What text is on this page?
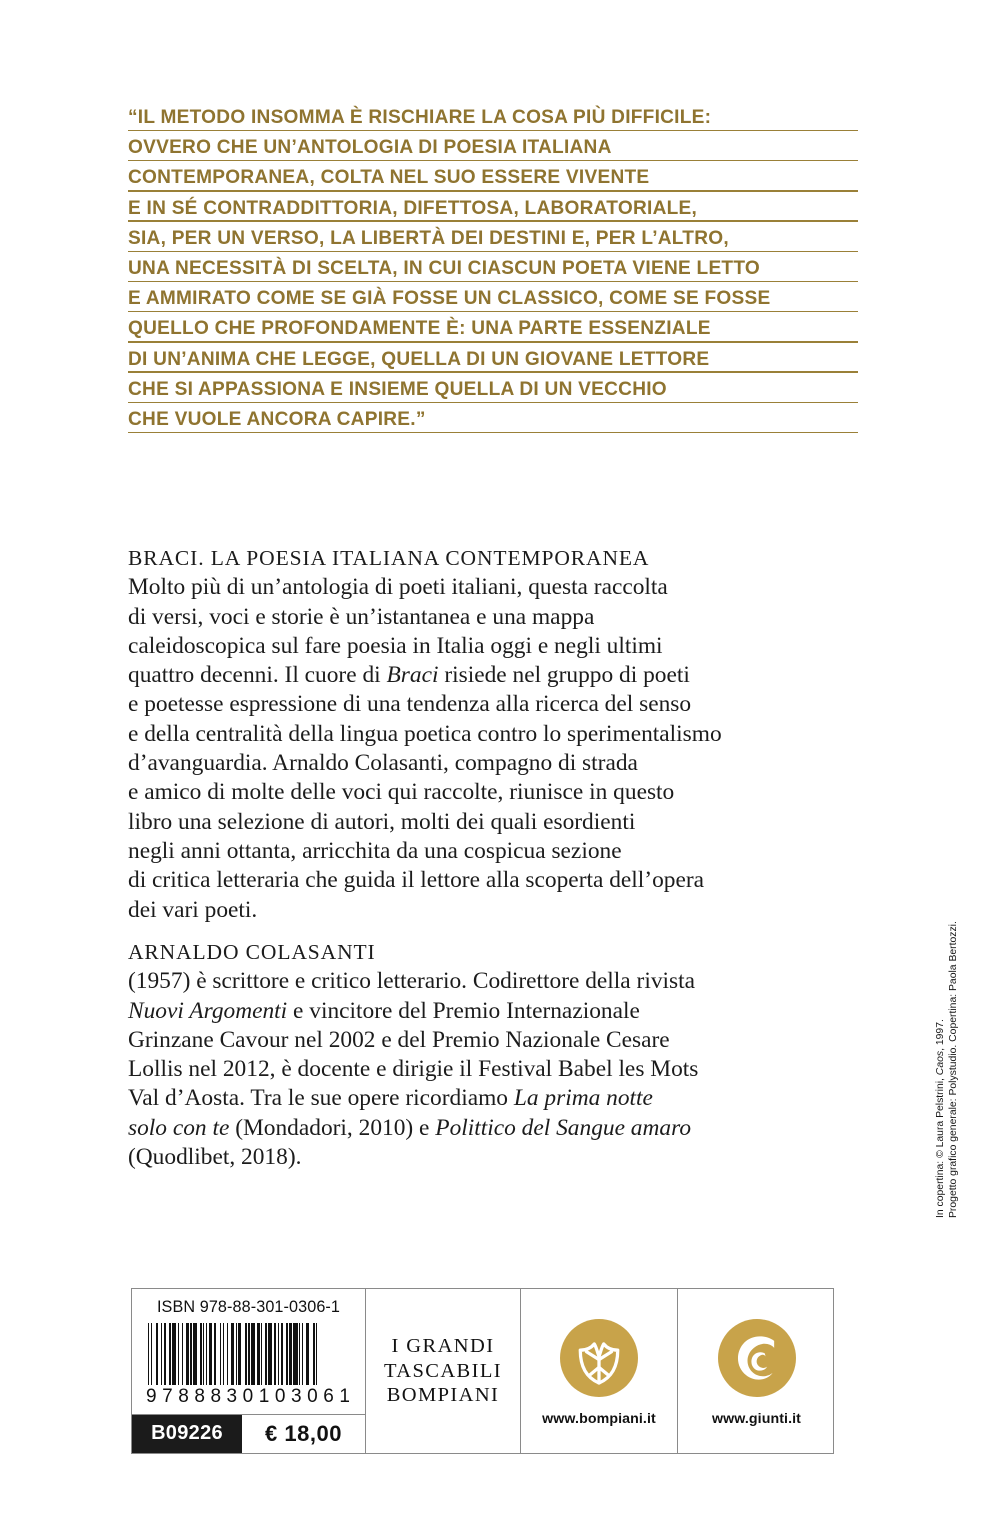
“IL METODO INSOMMA È RISCHIARE LA COSA PIÙ DIFFICILE:
OVVERO CHE UN’ANTOLOGIA DI POESIA ITALIANA
CONTEMPORANEA, COLTA NEL SUO ESSERE VIVENTE
E IN SÉ CONTRADDITTORIA, DIFETTOSA, LABORATORIALE,
SIA, PER UN VERSO, LA LIBERTÀ DEI DESTINI E, PER L’ALTRO,
UNA NECESSITÀ DI SCELTA, IN CUI CIASCUN POETA VIENE LETTO
E AMMIRATO COME SE GIÀ FOSSE UN CLASSICO, COME SE FOSSE
QUELLO CHE PROFONDAMENTE È: UNA PARTE ESSENZIALE
DI UN’ANIMA CHE LEGGE, QUELLA DI UN GIOVANE LETTORE
CHE SI APPASSIONA E INSIEME QUELLA DI UN VECCHIO
CHE VUOLE ANCORA CAPIRE.”
BRACI. LA POESIA ITALIANA CONTEMPORANEA
Molto più di un’antologia di poeti italiani, questa raccolta
di versi, voci e storie è un’istantanea e una mappa
caleidoscopica sul fare poesia in Italia oggi e negli ultimi
quattro decenni. Il cuore di Braci risiede nel gruppo di poeti
e poetesse espressione di una tendenza alla ricerca del senso
e della centralità della lingua poetica contro lo sperimentalismo
d’avanguardia. Arnaldo Colasanti, compagno di strada
e amico di molte delle voci qui raccolte, riunisce in questo
libro una selezione di autori, molti dei quali esordienti
negli anni ottanta, arricchita da una cospicua sezione
di critica letteraria che guida il lettore alla scoperta dell’opera
dei vari poeti.
ARNALDO COLASANTI
(1957) è scrittore e critico letterario. Codirettore della rivista
Nuovi Argomenti e vincitore del Premio Internazionale
Grinzane Cavour nel 2002 e del Premio Nazionale Cesare
Lollis nel 2012, è docente e dirigie il Festival Babel les Mots
Val d’Aosta. Tra le sue opere ricordiamo La prima notte
solo con te (Mondadori, 2010) e Polittico del Sangue amaro
(Quodlibet, 2018).
ISBN 978-88-301-0306-1
9 7 8 8 8 3 0 1 0 3 0 6 1
B09226	€ 18,00
I GRANDI
TASCABILI
BOMPIANI
www.bompiani.it	www.giunti.it
In copertina: © Laura Pelstrini, Caos, 1997. Progetto grafico generale: Polystudio. Copertina: Paola Bertozzi.
